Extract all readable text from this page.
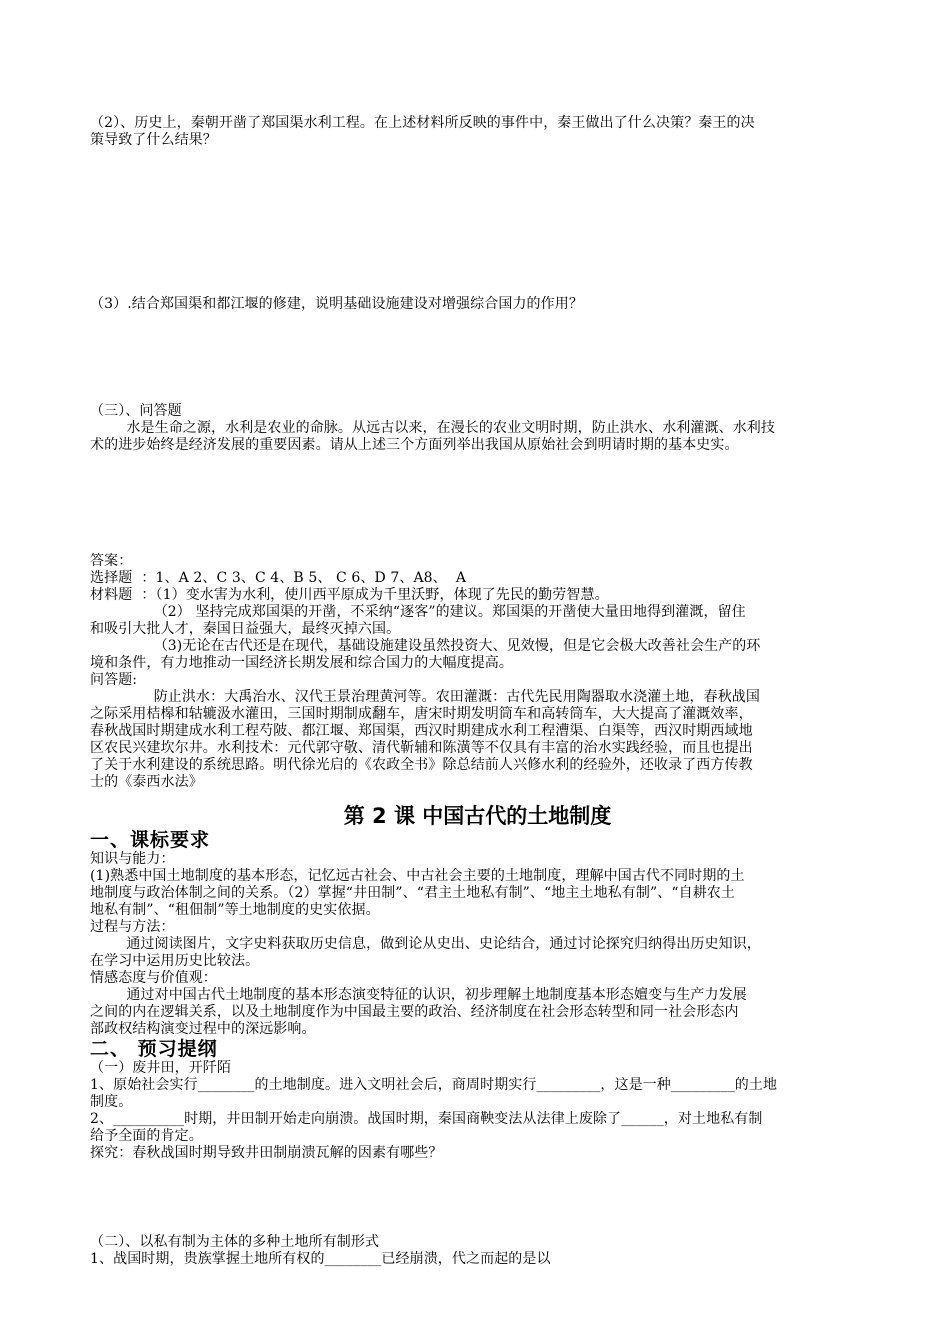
（2）、历史上，秦朝开凿了郑国渠水利工程。在上述材料所反映的事件中，秦王做出了什么决策？秦王的决
策导致了什么结果？
（3）.结合郑国渠和都江堰的修建，说明基础设施建设对增强综合国力的作用？
（三）、问答题
水是生命之源，水利是农业的命脉。从远古以来，在漫长的农业文明时期，防止洪水、水利灌溉、水利技
术的进步始终是经济发展的重要因素。请从上述三个方面列举出我国从原始社会到明请时期的基本史实。
答案：
选择题  ：1、A 2、C 3、C 4、B 5、 C 6、D 7、A8、  A
材料题  ：（1）变水害为水利，使川西平原成为千里沃野，体现了先民的勤劳智慧。
（2） 坚持完成郑国渠的开凿，不采纳“逐客”的建议。郑国渠的开凿使大量田地得到灌溉，留住
和吸引大批人才，秦国日益强大，最终灭掉六国。
（3)无论在古代还是在现代，基础设施建设虽然投资大、见效慢，但是它会极大改善社会生产的环
境和条件，有力地推动一国经济长期发展和综合国力的大幅度提高。
问答题:
防止洪水：大禹治水、汉代王景治理黄河等。农田灌溉：古代先民用陶器取水浇灌土地，春秋战国
之际采用桔槔和轱辘汲水灌田，三国时期制成翻车，唐宋时期发明筒车和高转筒车，大大提高了灌溉效率，
春秋战国时期建成水利工程芍陂、都江堰、郑国渠，西汉时期建成水利工程漕渠、白渠等，西汉时期西域地
区农民兴建坎尔井。水利技术：元代郭守敬、清代靳辅和陈潢等不仅具有丰富的治水实践经验，而且也提出
了关于水利建设的系统思路。明代徐光启的《农政全书》除总结前人兴修水利的经验外，还收录了西方传教
士的《泰西水法》
第 2 课 中国古代的土地制度
一、课标要求
知识与能力：
(1)熟悉中国土地制度的基本形态，记忆远古社会、中古社会主要的土地制度，理解中国古代不同时期的土
地制度与政治体制之间的关系。（2）掌握“井田制”、“君主土地私有制”、“地主土地私有制”、“自耕农土
地私有制”、“租佃制”等土地制度的史实依据。
过程与方法：
通过阅读图片，文字史料获取历史信息，做到论从史出、史论结合，通过讨论探究归纳得出历史知识，
在学习中运用历史比较法。
情感态度与价值观：
通过对中国古代土地制度的基本形态演变特征的认识，初步理解土地制度基本形态嬗变与生产力发展
之间的内在逻辑关系，以及土地制度作为中国最主要的政治、经济制度在社会形态转型和同一社会形态内
部政权结构演变过程中的深远影响。
二、 预习提纲
（一）废井田，开阡陌
1、原始社会实行________的土地制度。进入文明社会后，商周时期实行_________，这是一种_________的土地
制度。
2、__________时期，井田制开始走向崩溃。战国时期，秦国商鞅变法从法律上废除了______，对土地私有制
给予全面的肯定。
探究：春秋战国时期导致井田制崩溃瓦解的因素有哪些？
（二）、以私有制为主体的多种土地所有制形式
1、战国时期，贵族掌握土地所有权的________已经崩溃，代之而起的是以
